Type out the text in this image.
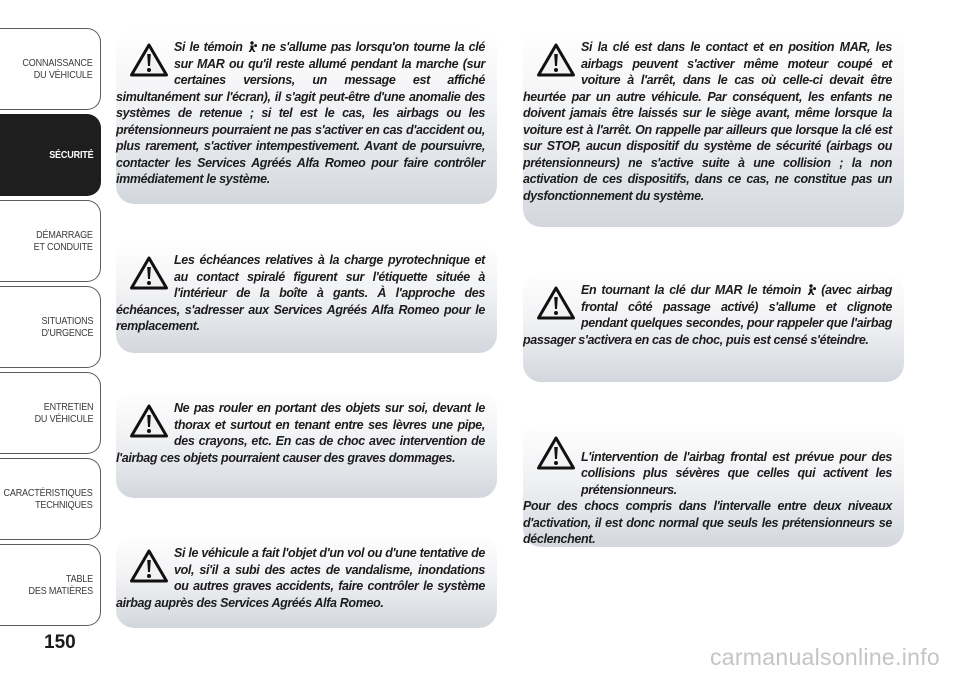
CONNAISSANCE
DU VÉHICULE
SÉCURITÉ
DÉMARRAGE
ET CONDUITE
SITUATIONS
D'URGENCE
ENTRETIEN
DU VÉHICULE
CARACTÉRISTIQUES
TECHNIQUES
TABLE
DES MATIÈRES
150
Si le témoin  ne s'allume pas lorsqu'on tourne la clé sur MAR ou qu'il reste allumé pendant la marche (sur certaines versions, un message est affiché simultanément sur l'écran), il s'agit peut-être d'une anomalie des systèmes de retenue ; si tel est le cas, les airbags ou les prétensionneurs pourraient ne pas s'activer en cas d'accident ou, plus rarement, s'activer intempestivement. Avant de poursuivre, contacter les Services Agréés Alfa Romeo pour faire contrôler immédiatement le système.
Les échéances relatives à la charge pyrotechnique et au contact spiralé figurent sur l'étiquette située à l'intérieur de la boîte à gants. À l'approche des échéances, s'adresser aux Services Agréés Alfa Romeo pour le remplacement.
Ne pas rouler en portant des objets sur soi, devant le thorax et surtout en tenant entre ses lèvres une pipe, des crayons, etc. En cas de choc avec intervention de l'airbag ces objets pourraient causer des graves dommages.
Si le véhicule a fait l'objet d'un vol ou d'une tentative de vol, si'il a subi des actes de vandalisme, inondations ou autres graves accidents, faire contrôler le système airbag auprès des Services Agréés Alfa Romeo.
Si la clé est dans le contact et en position MAR, les airbags peuvent s'activer même moteur coupé et voiture à l'arrêt, dans le cas où celle-ci devait être heurtée par un autre véhicule. Par conséquent, les enfants ne doivent jamais être laissés sur le siège avant, même lorsque la voiture est à l'arrêt. On rappelle par ailleurs que lorsque la clé est sur STOP, aucun dispositif du système de sécurité (airbags ou prétensionneurs) ne s'active suite à une collision ; la non activation de ces dispositifs, dans ce cas, ne constitue pas un dysfonctionnement du système.
En tournant la clé dur MAR le témoin  (avec airbag frontal côté passage activé) s'allume et clignote pendant quelques secondes, pour rappeler que l'airbag passager s'activera en cas de choc, puis est censé s'éteindre.

L'intervention de l'airbag frontal est prévue pour des collisions plus sévères que celles qui activent les prétensionneurs.
Pour des chocs compris dans l'intervalle entre deux niveaux d'activation, il est donc normal que seuls les prétensionneurs se déclenchent.

carmanualsonline.info
